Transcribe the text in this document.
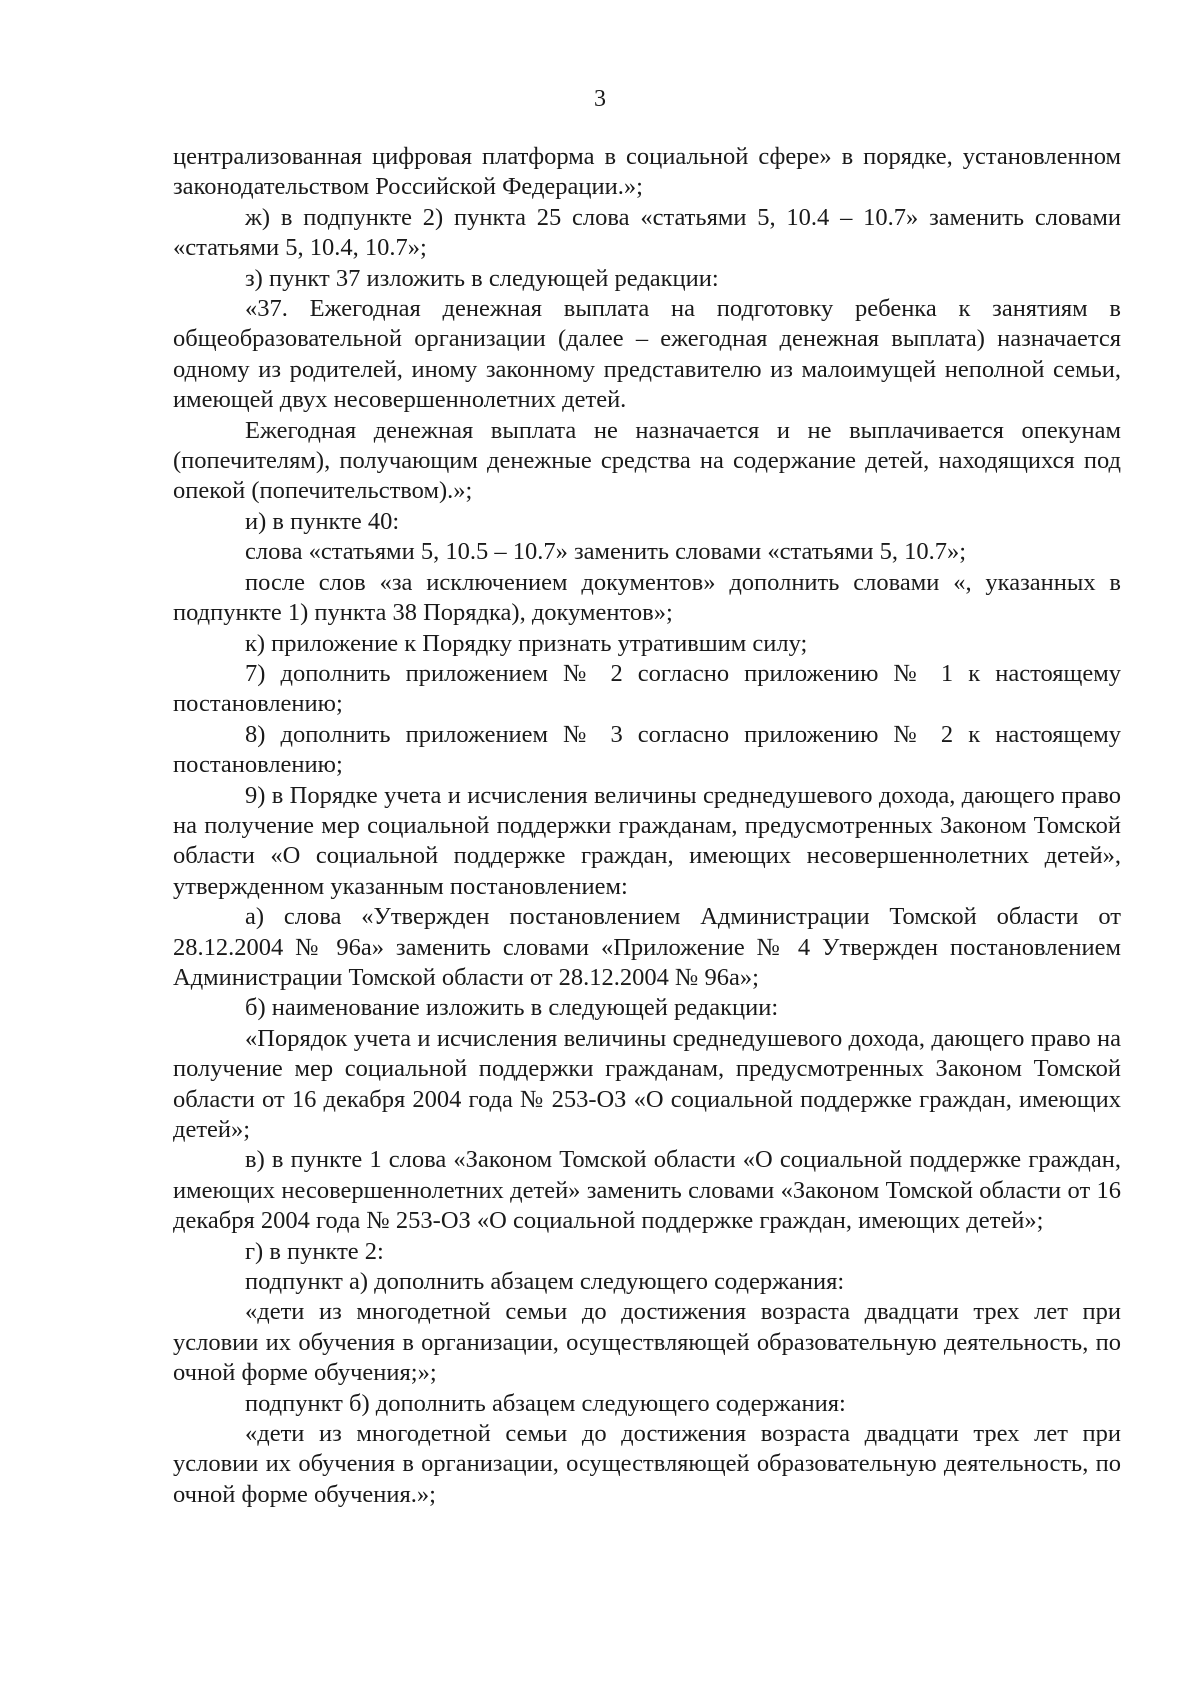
3

централизованная цифровая платформа в социальной сфере» в порядке, установленном законодательством Российской Федерации.»;

ж) в подпункте 2) пункта 25 слова «статьями 5, 10.4 – 10.7» заменить словами «статьями 5, 10.4, 10.7»;

з) пункт 37 изложить в следующей редакции:

«37. Ежегодная денежная выплата на подготовку ребенка к занятиям в общеобразовательной организации (далее – ежегодная денежная выплата) назначается одному из родителей, иному законному представителю из малоимущей неполной семьи, имеющей двух несовершеннолетних детей.

Ежегодная денежная выплата не назначается и не выплачивается опекунам (попечителям), получающим денежные средства на содержание детей, находящихся под опекой (попечительством).»;

и) в пункте 40:

слова «статьями 5, 10.5 – 10.7» заменить словами «статьями 5, 10.7»;

после слов «за исключением документов» дополнить словами «, указанных в подпункте 1) пункта 38 Порядка), документов»;

к) приложение к Порядку признать утратившим силу;

7) дополнить приложением № 2 согласно приложению № 1 к настоящему постановлению;

8) дополнить приложением № 3 согласно приложению № 2 к настоящему постановлению;

9) в Порядке учета и исчисления величины среднедушевого дохода, дающего право на получение мер социальной поддержки гражданам, предусмотренных Законом Томской области «О социальной поддержке граждан, имеющих несовершеннолетних детей», утвержденном указанным постановлением:

а) слова «Утвержден постановлением Администрации Томской области от 28.12.2004 № 96а» заменить словами «Приложение № 4 Утвержден постановлением Администрации Томской области от 28.12.2004 № 96а»;

б) наименование изложить в следующей редакции:

«Порядок учета и исчисления величины среднедушевого дохода, дающего право на получение мер социальной поддержки гражданам, предусмотренных Законом Томской области от 16 декабря 2004 года № 253-ОЗ «О социальной поддержке граждан, имеющих детей»;

в) в пункте 1 слова «Законом Томской области «О социальной поддержке граждан, имеющих несовершеннолетних детей» заменить словами «Законом Томской области от 16 декабря 2004 года № 253-ОЗ «О социальной поддержке граждан, имеющих детей»;

г) в пункте 2:

подпункт а) дополнить абзацем следующего содержания:

«дети из многодетной семьи до достижения возраста двадцати трех лет при условии их обучения в организации, осуществляющей образовательную деятельность, по очной форме обучения;»;

подпункт б) дополнить абзацем следующего содержания:

«дети из многодетной семьи до достижения возраста двадцати трех лет при условии их обучения в организации, осуществляющей образовательную деятельность, по очной форме обучения.»;
